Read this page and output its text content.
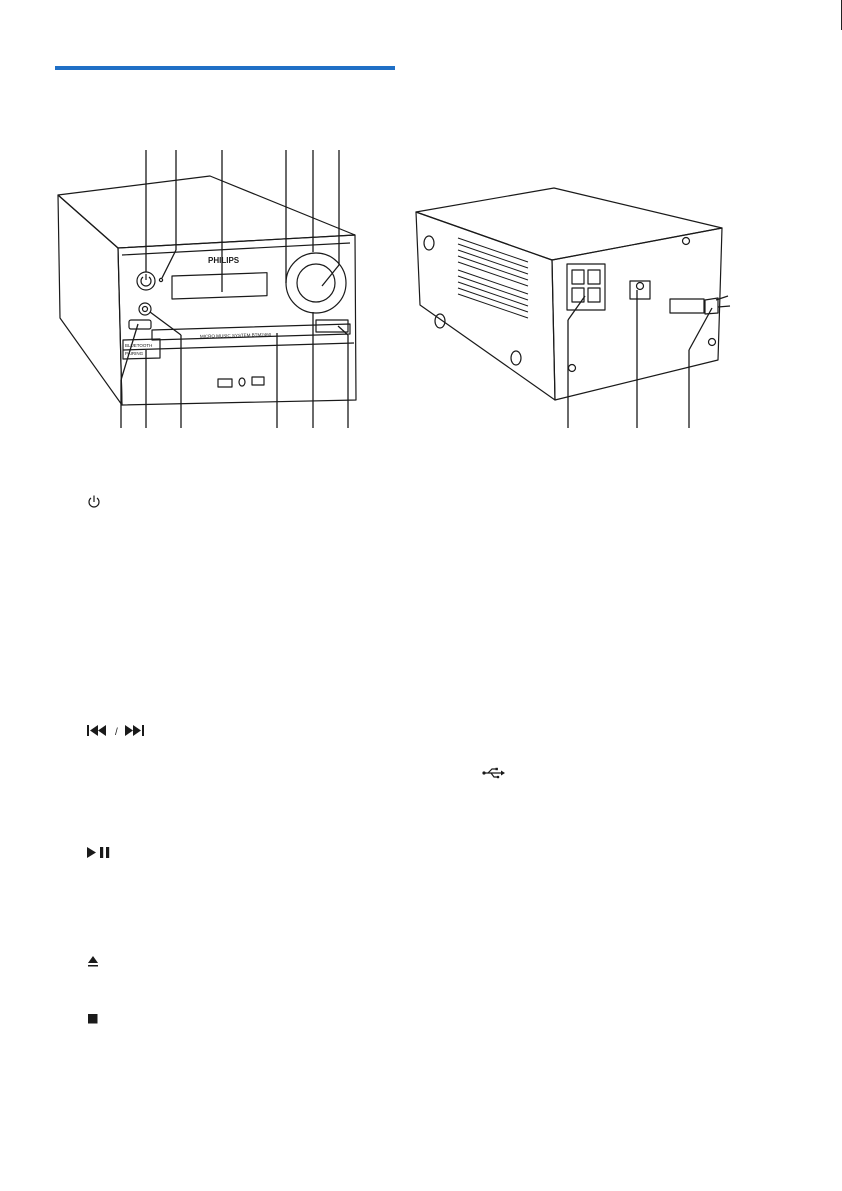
PHILIPS
MICRO MUSIC SYSTEM BTM2460
BLUETOOTH
PAIRING
/
